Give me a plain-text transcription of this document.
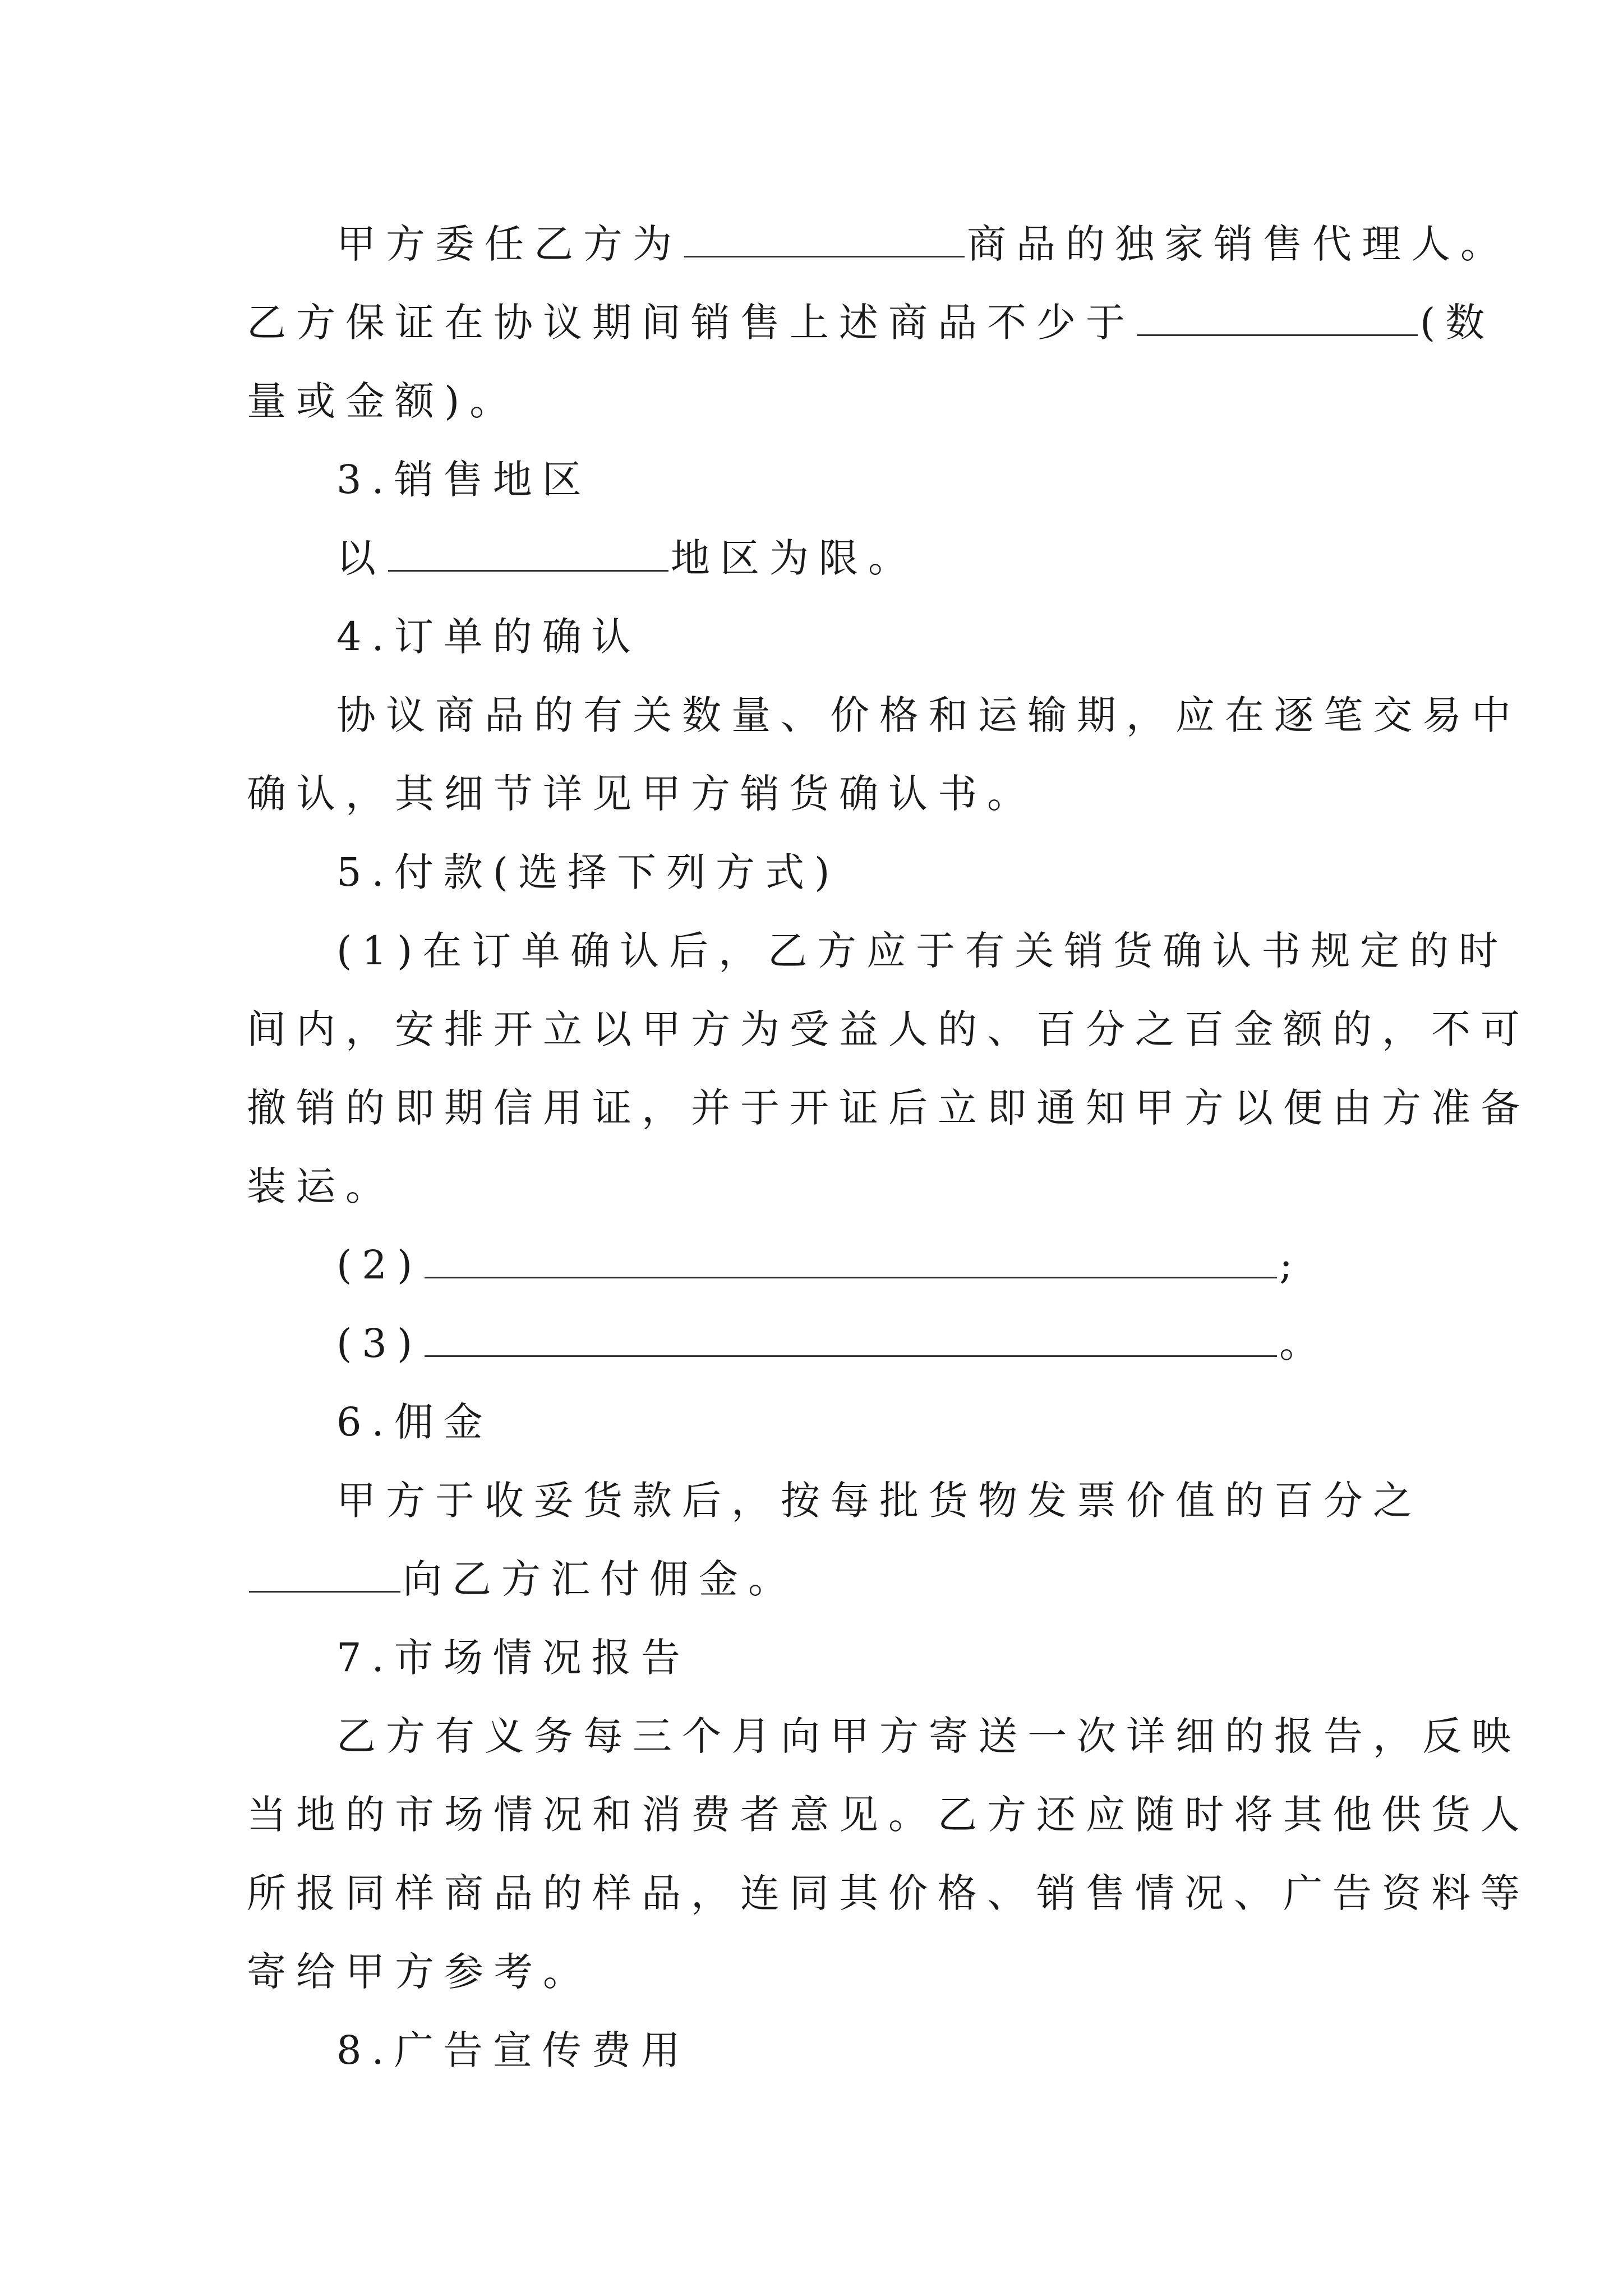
甲方委任乙方为	商品的独家销售代理人。
乙方保证在协议期间销售上述商品不少于	(数
量或金额)。
3.销售地区
以	地区为限。
4.订单的确认
协议商品的有关数量、价格和运输期，应在逐笔交易中
确认，其细节详见甲方销货确认书。
5.付款(选择下列方式)
(1)在订单确认后，乙方应于有关销货确认书规定的时
间内，安排开立以甲方为受益人的、百分之百金额的，不可
撤销的即期信用证，并于开证后立即通知甲方以便由方准备
装运。
(2)	;
(3)	。
6.佣金
甲方于收妥货款后，按每批货物发票价值的百分之
向乙方汇付佣金。
7.市场情况报告
乙方有义务每三个月向甲方寄送一次详细的报告，反映
当地的市场情况和消费者意见。乙方还应随时将其他供货人
所报同样商品的样品，连同其价格、销售情况、广告资料等
寄给甲方参考。
8.广告宣传费用
